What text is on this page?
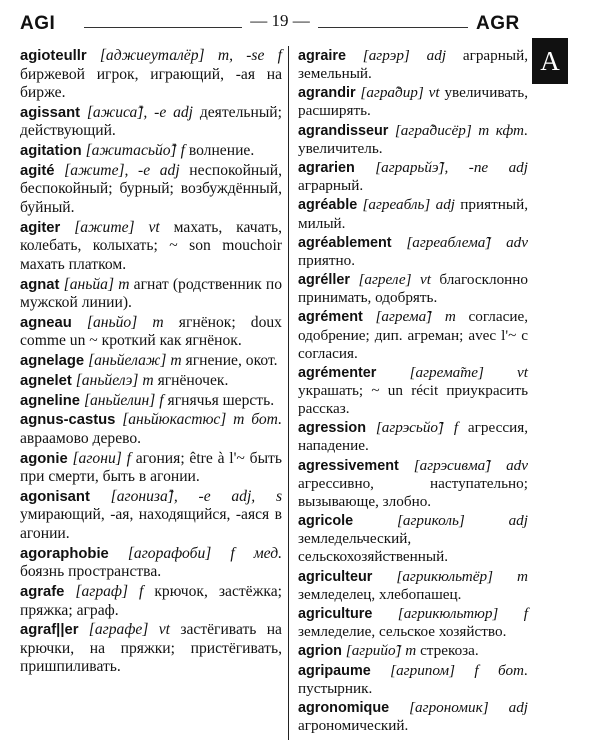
AGI	— 19 —	AGR
A
agioteullr [аджиеуталёр] m, -se f биржевой игрок, играющий, -ая на бирже.
agissant [ажиса̃], -e adj деятельный; действующий.
agitation [ажитасьйо̃] f волнение.
agité [ажите], -e adj неспокойный, беспокойный; бурный; возбуждённый, буйный.
agiter [ажите] vt махать, качать, колебать, колыхать; ~ son mouchoir махать платком.
agnat [аньйа] m агнат (родственник по мужской линии).
agneau [аньйо] m ягнёнок; doux comme un ~ кроткий как ягнёнок.
agnelage [аньйелаж] m ягнение, окот.
agnelet [аньйелэ] m ягнёночек.
agneline [аньйелин] f ягнячья шерсть.
agnus-castus [аньйюкастюс] m бот. авраамово дерево.
agonie [агони] f агония; être à l'~ быть при смерти, быть в агонии.
agonisant [агониза̃], -e adj, s умирающий, -ая, находящийся, -аяся в агонии.
agoraphobie [агорафоби] f мед. боязнь пространства.
agrafe [аграф] f крючок, застёжка; пряжка; аграф.
agraf||er [аграфе] vt застёгивать на крючки, на пряжки; пристёгивать, пришпиливать.
agraire [агрэр] adj аграрный, земельный.
agrandir [агра̃дир] vt увеличивать, расширять.
agrandisseur [агра̃дисёр] m кфт. увеличитель.
agrarien [аграрьйэ̃], -ne adj аграрный.
agréable [агреабль] adj приятный, милый.
agréablement [агреаблема̃] adv приятно.
agréller [агреле] vt благосклонно принимать, одобрять.
agrément [агрема̃] m согласие, одобрение; дип. агреман; avec l'~ с согласия.
agrémenter [агрема̃те] vt украшать; ~ un récit приукрасить рассказ.
agression [агрэсьйо̃] f агрессия, нападение.
agressivement [агрэсивма̃] adv агрессивно, наступательно; вызывающе, злобно.
agricole	[агриколь]	adj земледельческий, сельскохозяйственный.
agriculteur [агрикюльтёр] m земледелец, хлебопашец.
agriculture [агрикюльтюр] f земледелие, сельское хозяйство.
agrion [агрийо̃] m стрекоза.
agripaume [агрипом] f бот. пустырник.
agronomique [агрономик] adj агрономический.
